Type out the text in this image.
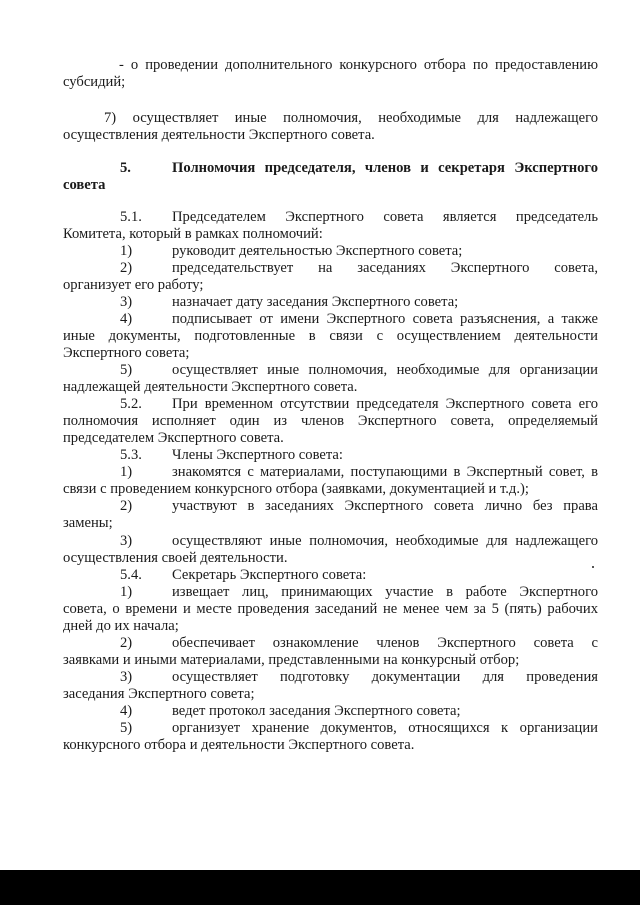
- о проведении дополнительного конкурсного отбора по предоставлению
субсидий;
7) осуществляет иные полномочия, необходимые для надлежащего
осуществления деятельности Экспертного совета.
5.	Полномочия председателя, членов и секретаря Экспертного
совета
5.1. Председателем Экспертного совета является председатель
Комитета, который в рамках полномочий:
1)	руководит деятельностью Экспертного совета;
2)	председательствует на заседаниях Экспертного совета,
организует его работу;
3)	назначает дату заседания Экспертного совета;
4)	подписывает от имени Экспертного совета разъяснения, а также
иные документы, подготовленные в связи с осуществлением деятельности
Экспертного совета;
5)	осуществляет иные полномочия, необходимые для организации
надлежащей деятельности Экспертного совета.
5.2. При временном отсутствии председателя Экспертного совета его
полномочия исполняет один из членов Экспертного совета, определяемый
председателем Экспертного совета.
5.3. Члены Экспертного совета:
1)	знакомятся с материалами, поступающими в Экспертный совет, в
связи с проведением конкурсного отбора (заявками, документацией и т.д.);
2)	участвуют в заседаниях Экспертного совета лично без права
замены;
3)	осуществляют иные полномочия, необходимые для надлежащего
осуществления своей деятельности.
5.4. Секретарь Экспертного совета:
1)	извещает лиц, принимающих участие в работе Экспертного
совета, о времени и месте проведения заседаний не менее чем за 5 (пять) рабочих
дней до их начала;
2)	обеспечивает ознакомление членов Экспертного совета с
заявками и иными материалами, представленными на конкурсный отбор;
3)	осуществляет подготовку документации для проведения
заседания Экспертного совета;
4)	ведет протокол заседания Экспертного совета;
5)	организует хранение документов, относящихся к организации
конкурсного отбора и деятельности Экспертного совета.
